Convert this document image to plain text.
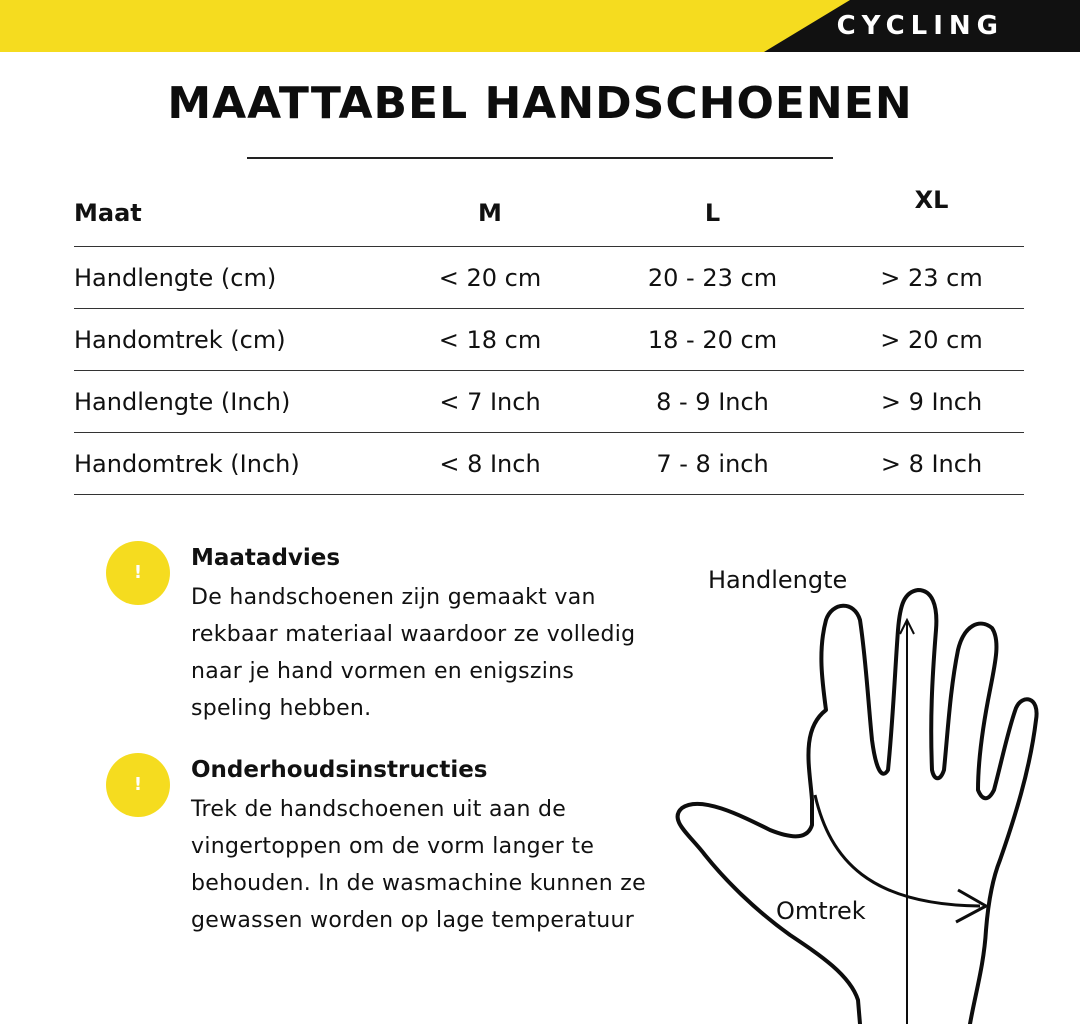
CYCLING
MAATTABEL HANDSCHOENEN
Maat	M	L	XL
Handlengte (cm)	< 20 cm	20 - 23 cm	> 23 cm
Handomtrek (cm)	< 18 cm	18 - 20 cm	> 20 cm
Handlengte (Inch)	< 7 Inch	8 - 9 Inch	> 9 Inch
Handomtrek (Inch)	< 8 Inch	7 - 8 inch	> 8 Inch
!
Maatadvies
De handschoenen zijn gemaakt van rekbaar materiaal waardoor ze volledig naar je hand vormen en enigszins speling hebben.
!
Onderhoudsinstructies
Trek de handschoenen uit aan de vingertoppen om de vorm langer te behouden. In de wasmachine kunnen ze gewassen worden op lage temperatuur
Handlengte
Omtrek
